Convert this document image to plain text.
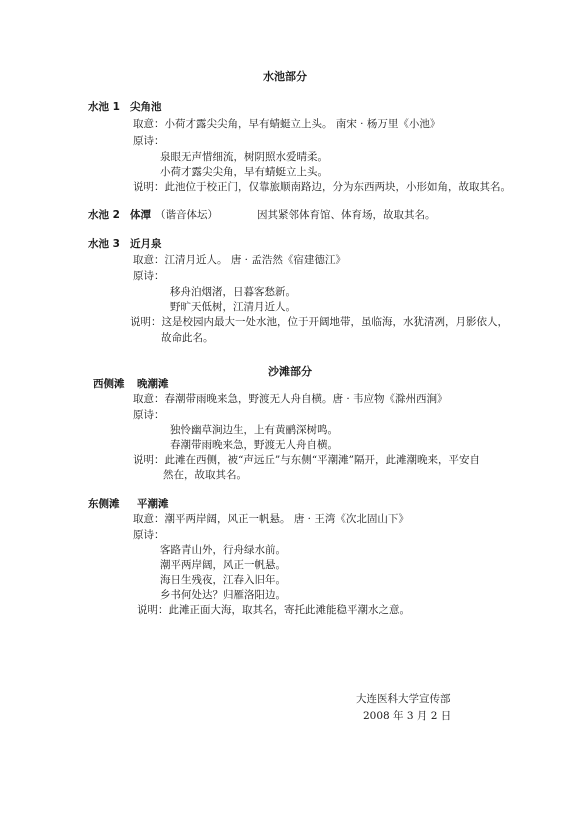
水池部分
水池 1 尖角池
取意：小荷才露尖尖角，早有蜻蜓立上头。 南宋 · 杨万里《小池》
原诗：
泉眼无声惜细流，树阴照水爱晴柔。
小荷才露尖尖角，早有蜻蜓立上头。
说明：此池位于校正门，仅靠旅顺南路边，分为东西两块，小形如角，故取其名。
水池 2 体潭 （谐音体坛）	因其紧邻体育馆、体育场，故取其名。
水池 3 近月泉
取意：江清月近人。 唐 · 孟浩然《宿建德江》
原诗：
移舟泊烟渚，日暮客愁新。
野旷天低树，江清月近人。
说明：这是校园内最大一处水池，位于开阔地带，虽临海，水犹清冽，月影依人，
故命此名。
沙滩部分
西侧滩 晚潮滩
取意：春潮带雨晚来急，野渡无人舟自横。唐 · 韦应物《滁州西涧》
原诗：
独怜幽草涧边生，上有黄鹂深树鸣。
春潮带雨晚来急，野渡无人舟自横。
说明：此滩在西侧，被“声远丘”与东侧“平潮滩”隔开，此滩潮晚来，平安自
然在，故取其名。
东侧滩 平潮滩
取意：潮平两岸阔，风正一帆悬。 唐 · 王湾《次北固山下》
原诗：
客路青山外，行舟绿水前。
潮平两岸阔，风正一帆悬。
海日生残夜，江春入旧年。
乡书何处达？归雁洛阳边。
说明：此滩正面大海，取其名，寄托此滩能稳平潮水之意。
大连医科大学宣传部
2008 年 3 月 2 日
